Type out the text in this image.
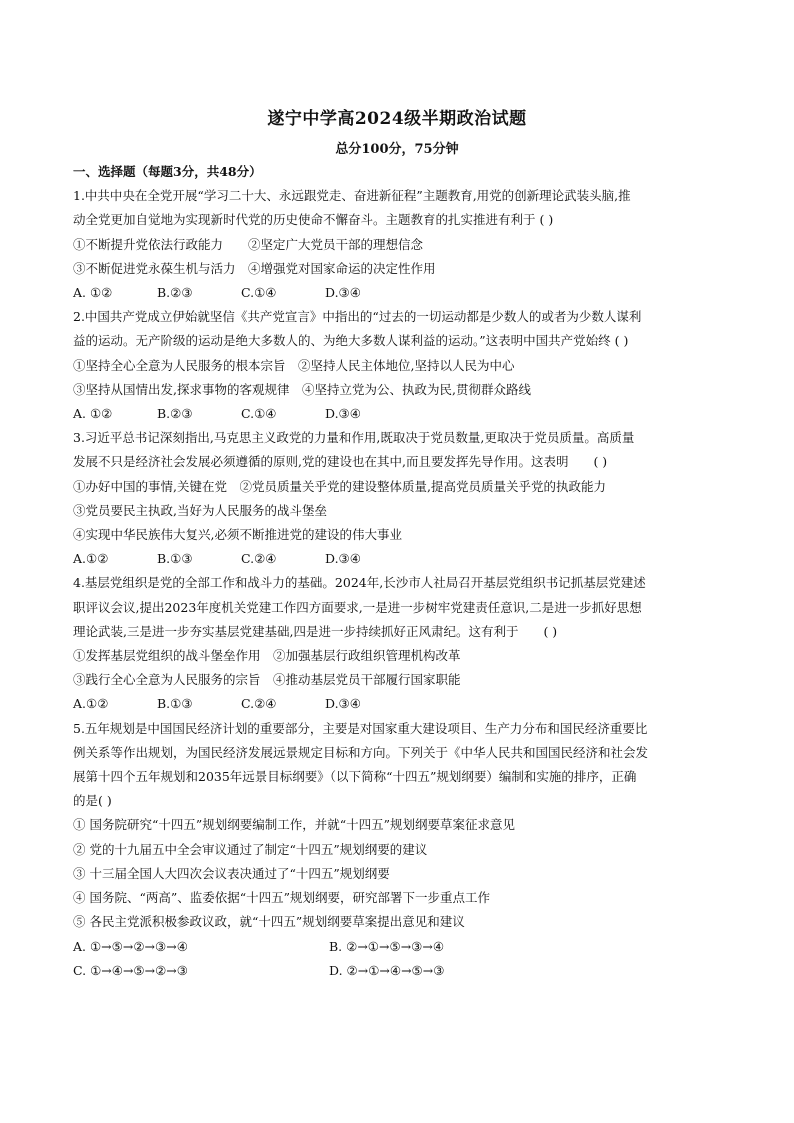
遂宁中学高2024级半期政治试题
总分100分，75分钟
一、选择题（每题3分，共48分）
1.中共中央在全党开展“学习二十大、永远跟党走、奋进新征程”主题教育,用党的创新理论武装头脑,推
动全党更加自觉地为实现新时代党的历史使命不懈奋斗。主题教育的扎实推进有利于 ( )
①不断提升党依法行政能力　　②坚定广大党员干部的理想信念
③不断促进党永葆生机与活力　④增强党对国家命运的决定性作用
A. ①②	B.②③	C.①④	D.③④
2.中国共产党成立伊始就坚信《共产党宣言》中指出的“过去的一切运动都是少数人的或者为少数人谋利
益的运动。无产阶级的运动是绝大多数人的、为绝大多数人谋利益的运动。”这表明中国共产党始终 ( )
①坚持全心全意为人民服务的根本宗旨　②坚持人民主体地位,坚持以人民为中心
③坚持从国情出发,探求事物的客观规律　④坚持立党为公、执政为民,贯彻群众路线
A. ①②	B.②③	C.①④	D.③④
3.习近平总书记深刻指出,马克思主义政党的力量和作用,既取决于党员数量,更取决于党员质量。高质量
发展不只是经济社会发展必须遵循的原则,党的建设也在其中,而且要发挥先导作用。这表明　　( )
①办好中国的事情,关键在党　②党员质量关乎党的建设整体质量,提高党员质量关乎党的执政能力
③党员要民主执政,当好为人民服务的战斗堡垒
④实现中华民族伟大复兴,必须不断推进党的建设的伟大事业
A.①②	B.①③	C.②④	D.③④
4.基层党组织是党的全部工作和战斗力的基础。2024年,长沙市人社局召开基层党组织书记抓基层党建述
职评议会议,提出2023年度机关党建工作四方面要求,一是进一步树牢党建责任意识,二是进一步抓好思想
理论武装,三是进一步夯实基层党建基础,四是进一步持续抓好正风肃纪。这有利于　　( )
①发挥基层党组织的战斗堡垒作用　②加强基层行政组织管理机构改革
③践行全心全意为人民服务的宗旨　④推动基层党员干部履行国家职能
A.①②	B.①③	C.②④	D.③④
5.五年规划是中国国民经济计划的重要部分，主要是对国家重大建设项目、生产力分布和国民经济重要比
例关系等作出规划，为国民经济发展远景规定目标和方向。下列关于《中华人民共和国国民经济和社会发
展第十四个五年规划和2035年远景目标纲要》（以下简称“十四五”规划纲要）编制和实施的排序，正确
的是( )
① 国务院研究“十四五”规划纲要编制工作，并就“十四五”规划纲要草案征求意见
② 党的十九届五中全会审议通过了制定“十四五”规划纲要的建议
③ 十三届全国人大四次会议表决通过了“十四五”规划纲要
④ 国务院、“两高”、监委依据“十四五”规划纲要，研究部署下一步重点工作
⑤ 各民主党派积极参政议政，就“十四五”规划纲要草案提出意见和建议
A. ①→⑤→②→③→④	B. ②→①→⑤→③→④
C. ①→④→⑤→②→③	D. ②→①→④→⑤→③
